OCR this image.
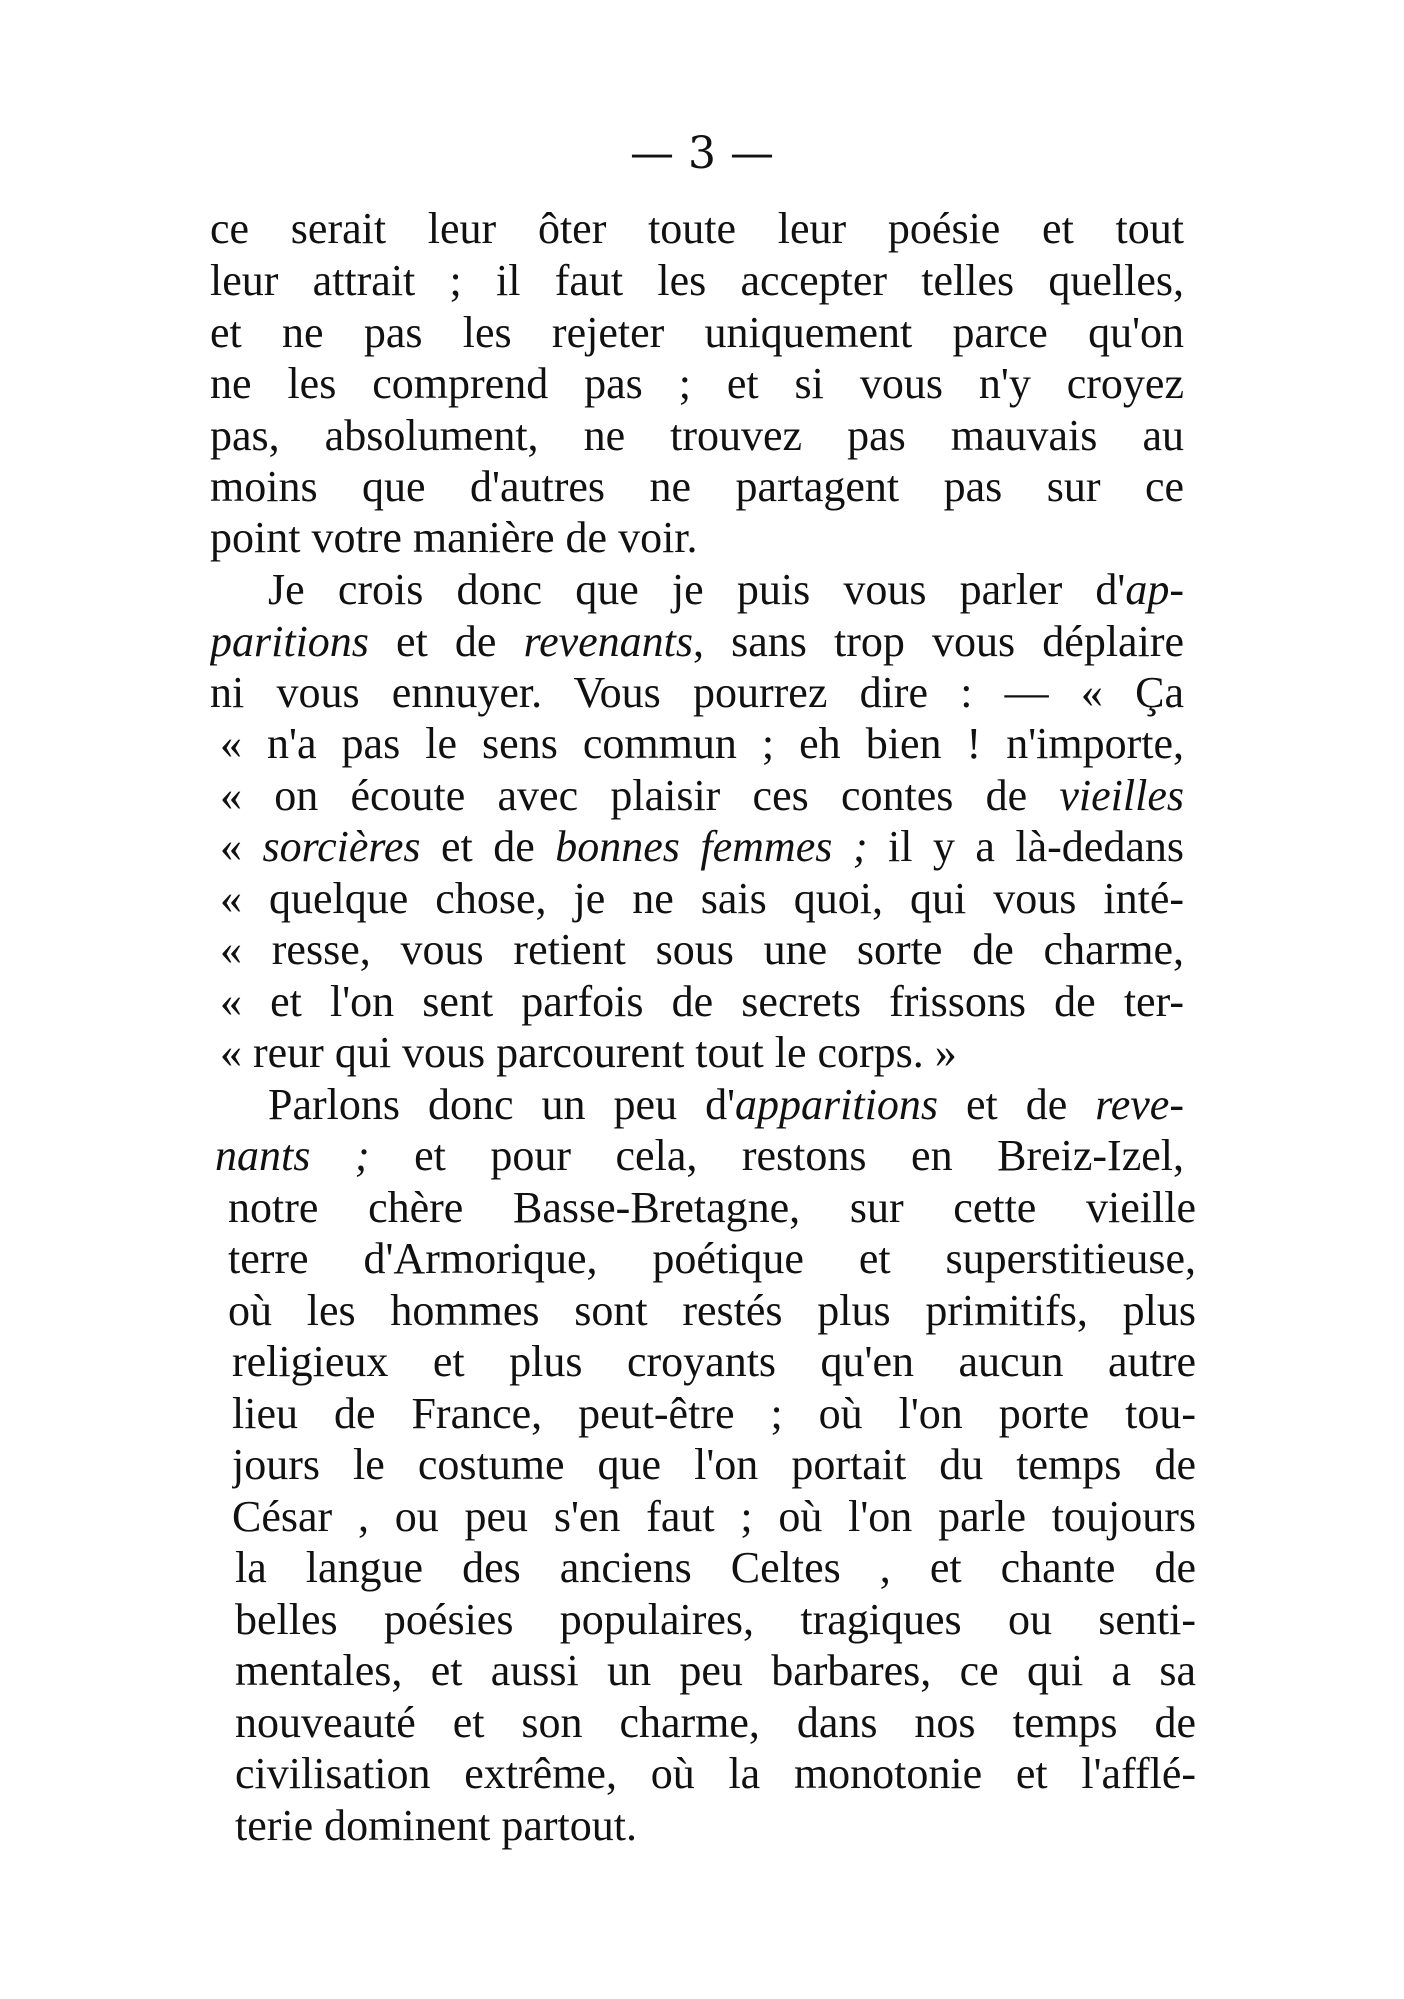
— 3 —

ce serait leur ôter toute leur poésie et tout

leur attrait ; il faut les accepter telles quelles,

et ne pas les rejeter uniquement parce qu'on

ne les comprend pas ; et si vous n'y croyez

pas, absolument, ne trouvez pas mauvais au

moins que d'autres ne partagent pas sur ce

point votre manière de voir.

Je crois donc que je puis vous parler d'ap-

paritions et de revenants, sans trop vous déplaire

ni vous ennuyer. Vous pourrez dire : — « Ça

« n'a pas le sens commun ; eh bien ! n'importe,

« on écoute avec plaisir ces contes de vieilles

« sorcières et de bonnes femmes ; il y a là-dedans

« quelque chose, je ne sais quoi, qui vous inté-

« resse, vous retient sous une sorte de charme,

« et l'on sent parfois de secrets frissons de ter-

« reur qui vous parcourent tout le corps. »

Parlons donc un peu d'apparitions et de reve-

nants ; et pour cela, restons en Breiz-Izel,

notre chère Basse-Bretagne, sur cette vieille

terre d'Armorique, poétique et superstitieuse,

où les hommes sont restés plus primitifs, plus

religieux et plus croyants qu'en aucun autre

lieu de France, peut-être ; où l'on porte tou-

jours le costume que l'on portait du temps de

César , ou peu s'en faut ; où l'on parle toujours

la langue des anciens Celtes , et chante de

belles poésies populaires, tragiques ou senti-

mentales, et aussi un peu barbares, ce qui a sa

nouveauté et son charme, dans nos temps de

civilisation extrême, où la monotonie et l'afflé-

terie dominent partout.
